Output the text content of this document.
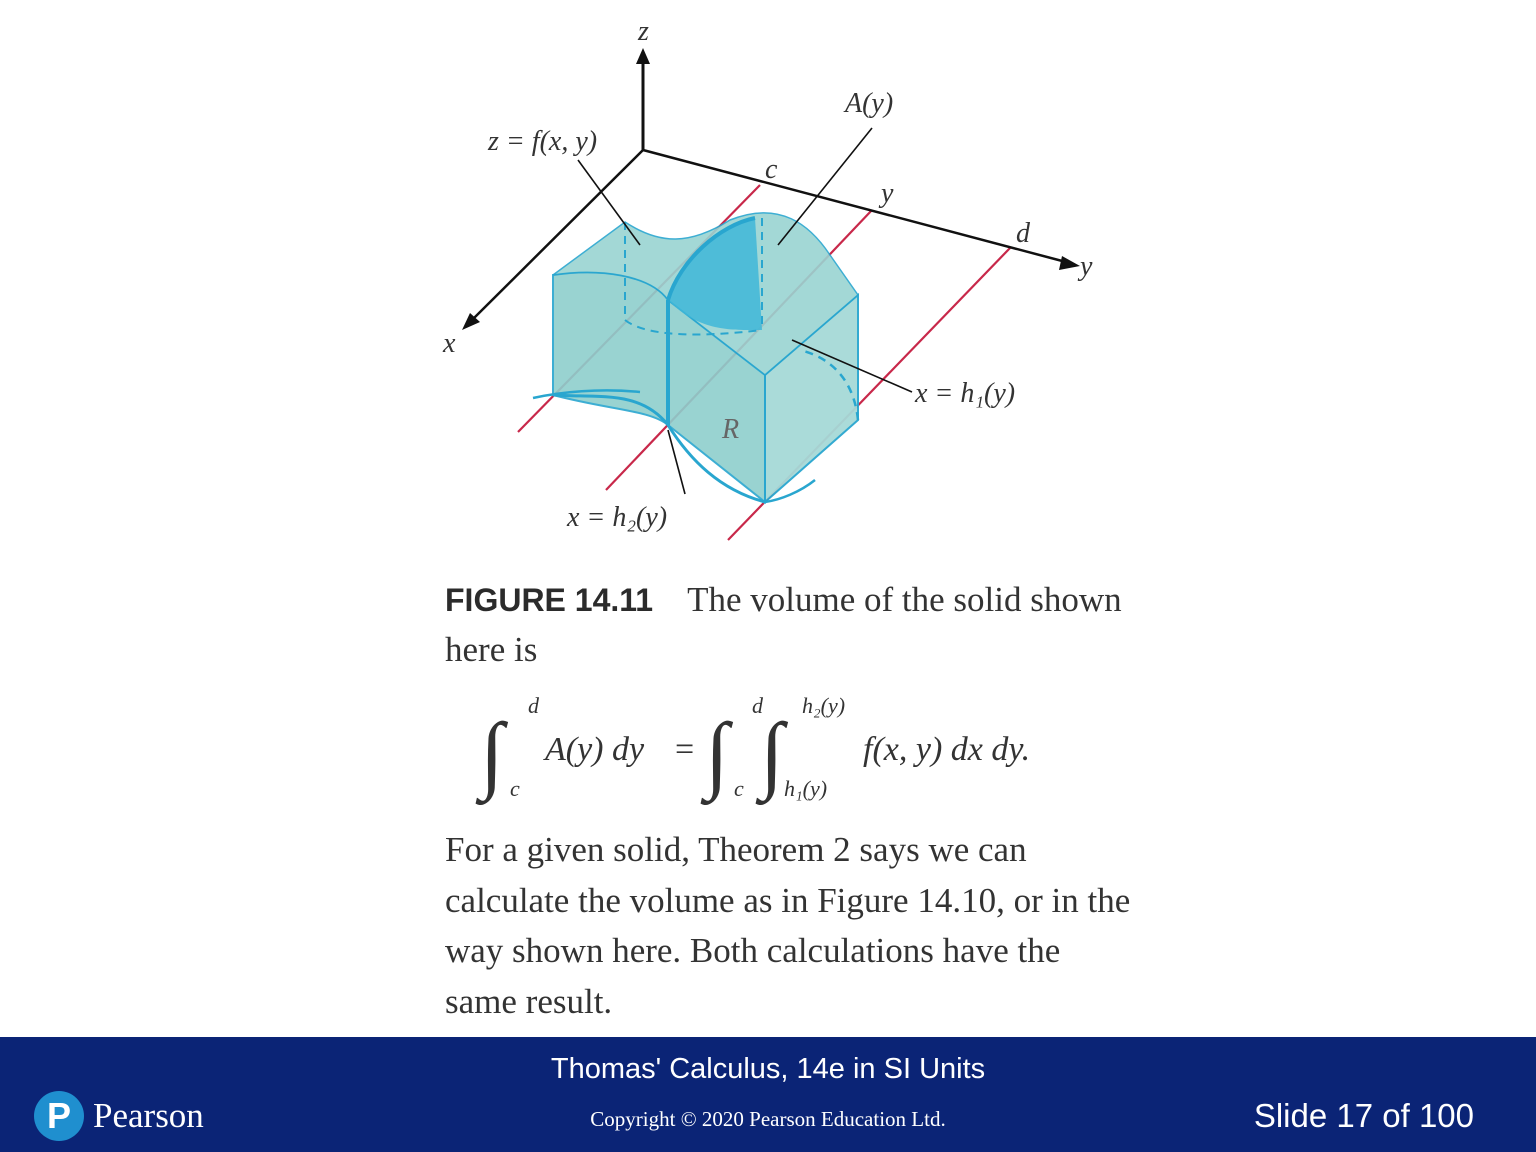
z
x
y
z = f(x, y)
A(y)
c
y
d
x = h₁(y)
x = h₂(y)
R
FIGURE 14.11 The volume of the solid shown here is
∫ d
c
A(y) dy = ∫ d
c ∫ h₂(y)
h₁(y)
f(x, y) dx dy.
For a given solid, Theorem 2 says we can calculate the volume as in Figure 14.10, or in the way shown here. Both calculations have the same result.
P Pearson
Thomas' Calculus, 14e in SI Units
Copyright © 2020 Pearson Education Ltd.	Slide 17 of 100
